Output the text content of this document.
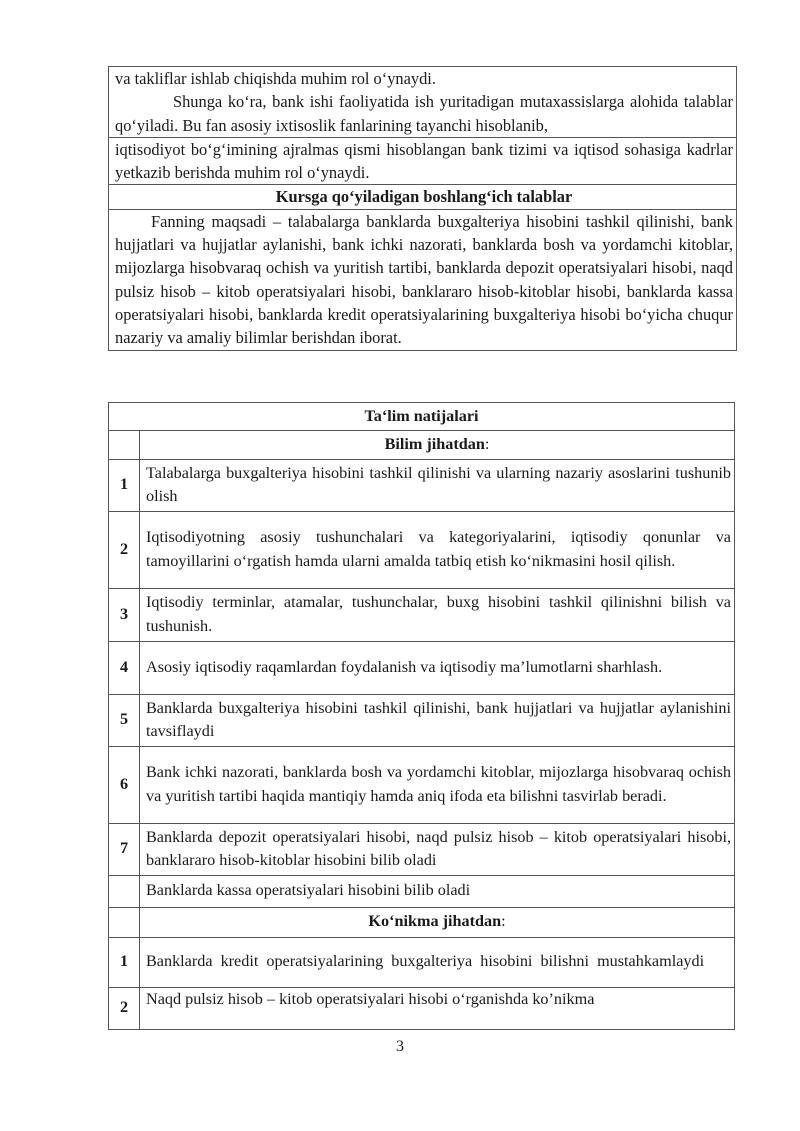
va takliflar ishlab chiqishda muhim rol o‘ynaydi.
Shunga ko‘ra, bank ishi faoliyatida ish yuritadigan mutaxassislarga alohida talablar qo‘yiladi. Bu fan asosiy ixtisoslik fanlarining tayanchi hisoblanib,
iqtisodiyot bo‘g‘imining ajralmas qismi hisoblangan bank tizimi va iqtisod sohasiga kadrlar yetkazib berishda muhim rol o‘ynaydi.
Kursga qo‘yiladigan boshlang‘ich talablar
Fanning maqsadi – talabalarga banklarda buxgalteriya hisobini tashkil qilinishi, bank hujjatlari va hujjatlar aylanishi, bank ichki nazorati, banklarda bosh va yordamchi kitoblar, mijozlarga hisobvaraq ochish va yuritish tartibi, banklarda depozit operatsiyalari hisobi, naqd pulsiz hisob – kitob operatsiyalari hisobi, banklararo hisob-kitoblar hisobi, banklarda kassa operatsiyalari hisobi, banklarda kredit operatsiyalarining buxgalteriya hisobi bo‘yicha chuqur nazariy va amaliy bilimlar berishdan iborat.
Ta‘lim natijalari	
	Bilim jihatdan:
1	Talabalarga buxgalteriya hisobini tashkil qilinishi va ularning nazariy asoslarini tushunib olish
2	Iqtisodiyotning asosiy tushunchalari va kategoriyalarini, iqtisodiy qonunlar va tamoyillarini o‘rgatish hamda ularni amalda tatbiq etish ko‘nikmasini hosil qilish.
3	Iqtisodiy terminlar, atamalar, tushunchalar, buxg hisobini tashkil qilinishni bilish va tushunish.
4	Asosiy iqtisodiy raqamlardan foydalanish va iqtisodiy ma’lumotlarni sharhlash.
5	Banklarda buxgalteriya hisobini tashkil qilinishi, bank hujjatlari va hujjatlar aylanishini tavsiflaydi
6	Bank ichki nazorati, banklarda bosh va yordamchi kitoblar, mijozlarga hisobvaraq ochish va yuritish tartibi haqida mantiqiy hamda aniq ifoda eta bilishni tasvirlab beradi.
7	Banklarda depozit operatsiyalari hisobi, naqd pulsiz hisob – kitob operatsiyalari hisobi, banklararo hisob-kitoblar hisobini bilib oladi
	Banklarda kassa operatsiyalari hisobini bilib oladi
	Ko‘nikma jihatdan:
1	Banklarda kredit operatsiyalarining buxgalteriya hisobini bilishni mustahkamlaydi
2	Naqd pulsiz hisob – kitob operatsiyalari hisobi o‘rganishda ko’nikma
3
